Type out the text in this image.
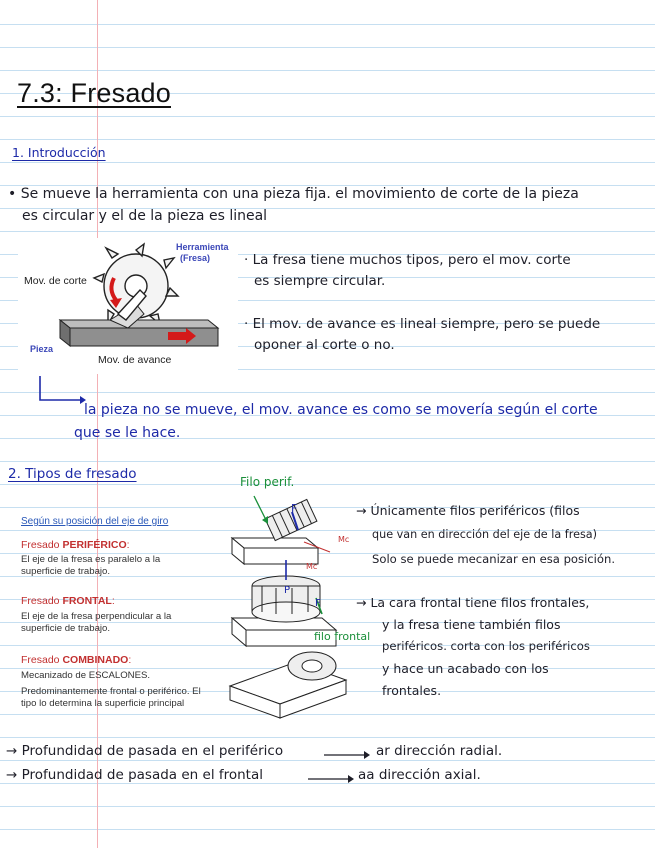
7.3: Fresado
1. Introducción
• Se mueve la herramienta con una pieza fija. el movimiento de corte de la pieza
es circular y el de la pieza es lineal
Mov. de corte
Herramienta
(Fresa)
Pieza
Mov. de avance
· La fresa tiene muchos tipos, pero el mov. corte
es siempre circular.
· El mov. de avance es lineal siempre, pero se puede
oponer al corte o no.
la pieza no se mueve, el mov. avance es como se movería según el corte
que se le hace.
2. Tipos de fresado
Según su posición del eje de giro
Fresado PERIFÉRICO:
El eje de la fresa es paralelo a la
superficie de trabajo.
Fresado FRONTAL:
El eje de la fresa perpendicular a la
superficie de trabajo.
Fresado COMBINADO:
Mecanizado de ESCALONES.
Predominantemente frontal o periférico. El
tipo lo determina la superficie principal
Filo perif.
F
Mc
Mc
P
F
filo frontal
→ Únicamente filos periféricos (filos
que van en dirección del eje de la fresa)
Solo se puede mecanizar en esa posición.
→ La cara frontal tiene filos frontales,
y la fresa tiene también filos
periféricos. corta con los periféricos
y hace un acabado con los
frontales.
→ Profundidad de pasada en el periférico	ar dirección radial.
→ Profundidad de pasada en el frontal	aa dirección axial.
